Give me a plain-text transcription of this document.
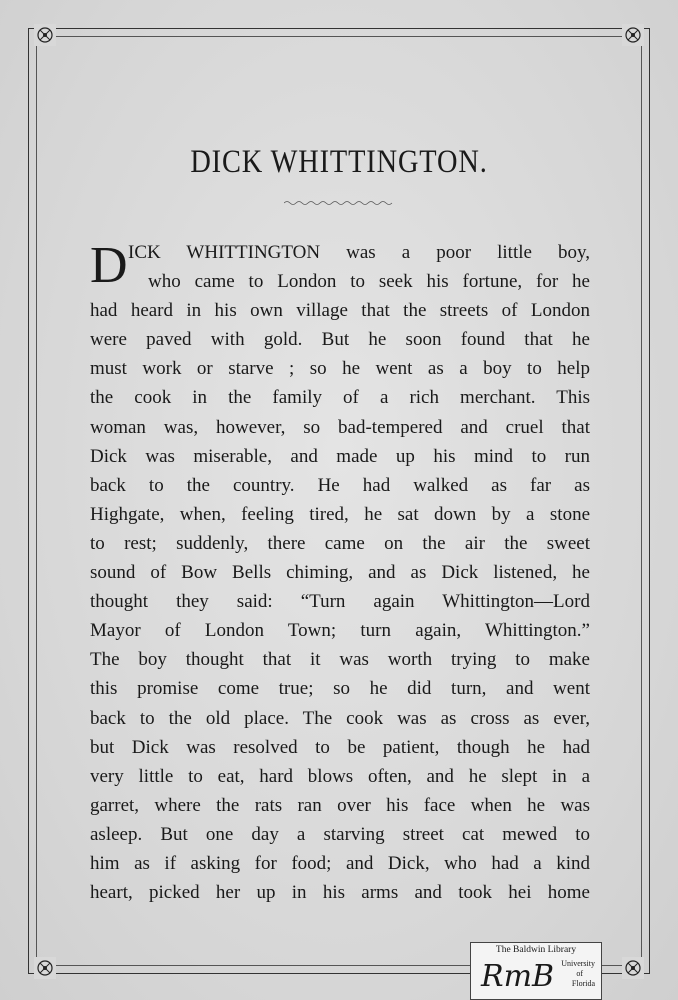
DICK WHITTINGTON.
D ICK WHITTINGTON was a poor little boy,
who came to London to seek his fortune, for he
had heard in his own village that the streets of London
were paved with gold. But he soon found that he
must work or starve ; so he went as a boy to help
the cook in the family of a rich merchant. This
woman was, however, so bad-tempered and cruel that
Dick was miserable, and made up his mind to run
back to the country. He had walked as far as
Highgate, when, feeling tired, he sat down by a stone
to rest; suddenly, there came on the air the sweet
sound of Bow Bells chiming, and as Dick listened, he
thought they said: “Turn again Whittington—Lord
Mayor of London Town; turn again, Whittington.”
The boy thought that it was worth trying to make
this promise come true; so he did turn, and went
back to the old place. The cook was as cross as ever,
but Dick was resolved to be patient, though he had
very little to eat, hard blows often, and he slept in a
garret, where the rats ran over his face when he was
asleep. But one day a starving street cat mewed to
him as if asking for food; and Dick, who had a kind
heart, picked her up in his arms and took hei home
The Baldwin Library
RmB University
of
Florida
